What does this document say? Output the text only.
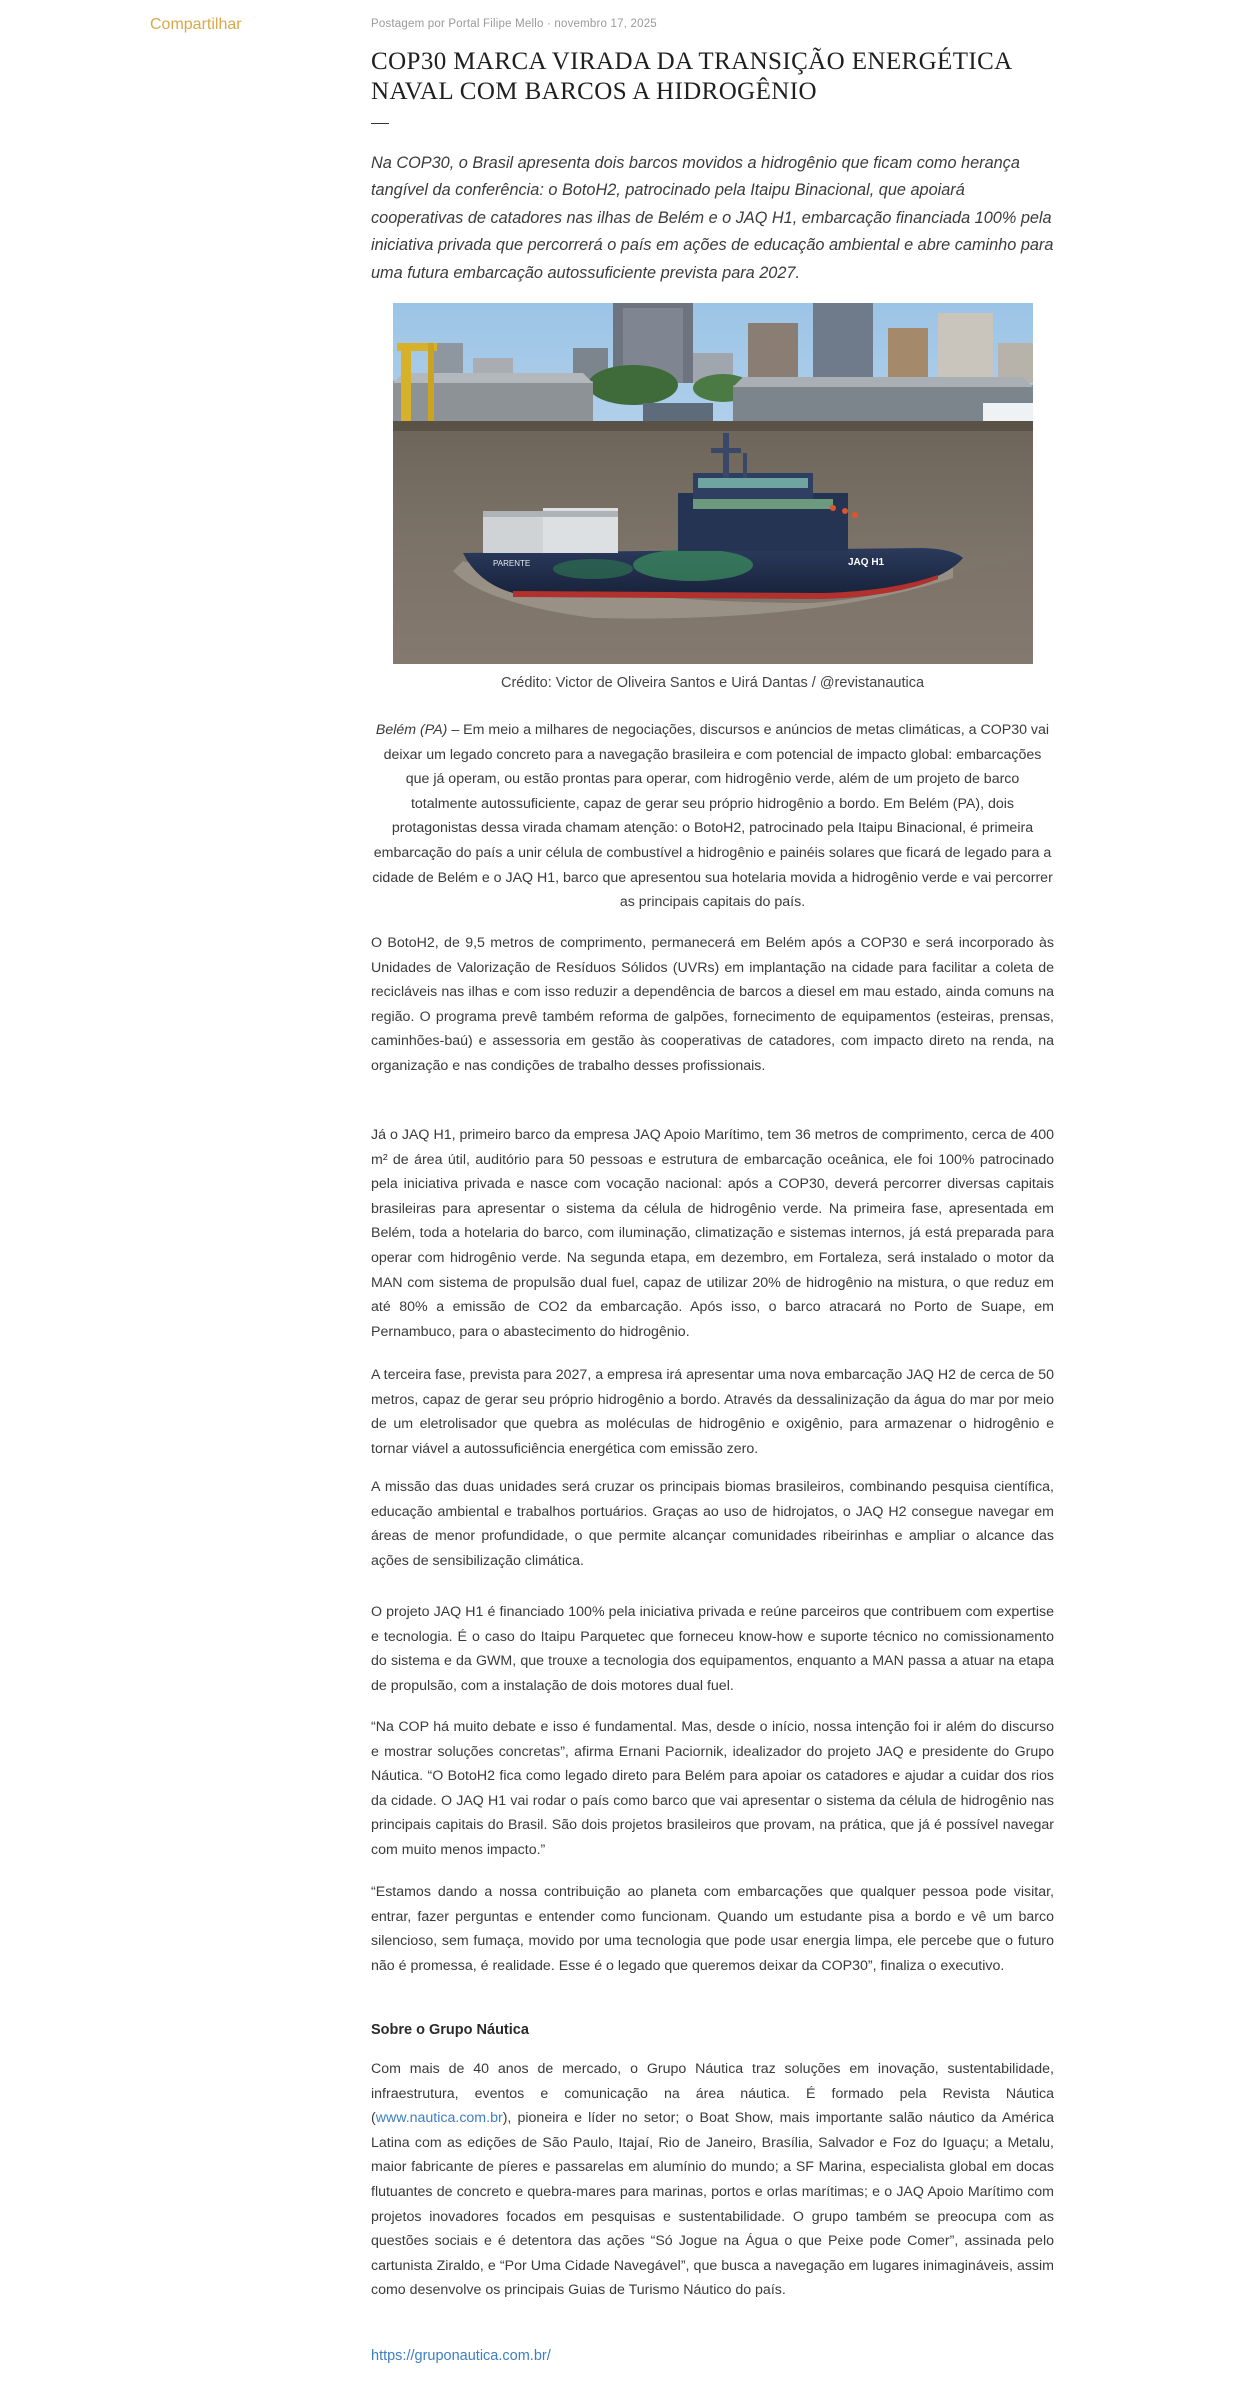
Compartilhar	Postagem por Portal Filipe Mello · novembro 17, 2025
COP30 MARCA VIRADA DA TRANSIÇÃO ENERGÉTICA NAVAL COM BARCOS A HIDROGÊNIO

Na COP30, o Brasil apresenta dois barcos movidos a hidrogênio que ficam como herança tangível da conferência: o BotoH2, patrocinado pela Itaipu Binacional, que apoiará cooperativas de catadores nas ilhas de Belém e o JAQ H1, embarcação financiada 100% pela iniciativa privada que percorrerá o país em ações de educação ambiental e abre caminho para uma futura embarcação autossuficiente prevista para 2027.

PARENTE	JAQ H1
Crédito: Victor de Oliveira Santos e Uirá Dantas / @revistanautica

Belém (PA) – Em meio a milhares de negociações, discursos e anúncios de metas climáticas, a COP30 vai deixar um legado concreto para a navegação brasileira e com potencial de impacto global: embarcações que já operam, ou estão prontas para operar, com hidrogênio verde, além de um projeto de barco totalmente autossuficiente, capaz de gerar seu próprio hidrogênio a bordo. Em Belém (PA), dois protagonistas dessa virada chamam atenção: o BotoH2, patrocinado pela Itaipu Binacional, é primeira embarcação do país a unir célula de combustível a hidrogênio e painéis solares que ficará de legado para a cidade de Belém e o JAQ H1, barco que apresentou sua hotelaria movida a hidrogênio verde e vai percorrer as principais capitais do país.

O BotoH2, de 9,5 metros de comprimento, permanecerá em Belém após a COP30 e será incorporado às Unidades de Valorização de Resíduos Sólidos (UVRs) em implantação na cidade para facilitar a coleta de recicláveis nas ilhas e com isso reduzir a dependência de barcos a diesel em mau estado, ainda comuns na região. O programa prevê também reforma de galpões, fornecimento de equipamentos (esteiras, prensas, caminhões-baú) e assessoria em gestão às cooperativas de catadores, com impacto direto na renda, na organização e nas condições de trabalho desses profissionais.

Já o JAQ H1, primeiro barco da empresa JAQ Apoio Marítimo, tem 36 metros de comprimento, cerca de 400 m² de área útil, auditório para 50 pessoas e estrutura de embarcação oceânica, ele foi 100% patrocinado pela iniciativa privada e nasce com vocação nacional: após a COP30, deverá percorrer diversas capitais brasileiras para apresentar o sistema da célula de hidrogênio verde. Na primeira fase, apresentada em Belém, toda a hotelaria do barco, com iluminação, climatização e sistemas internos, já está preparada para operar com hidrogênio verde. Na segunda etapa, em dezembro, em Fortaleza, será instalado o motor da MAN com sistema de propulsão dual fuel, capaz de utilizar 20% de hidrogênio na mistura, o que reduz em até 80% a emissão de CO2 da embarcação. Após isso, o barco atracará no Porto de Suape, em Pernambuco, para o abastecimento do hidrogênio.

A terceira fase, prevista para 2027, a empresa irá apresentar uma nova embarcação JAQ H2 de cerca de 50 metros, capaz de gerar seu próprio hidrogênio a bordo. Através da dessalinização da água do mar por meio de um eletrolisador que quebra as moléculas de hidrogênio e oxigênio, para armazenar o hidrogênio e tornar viável a autossuficiência energética com emissão zero.

A missão das duas unidades será cruzar os principais biomas brasileiros, combinando pesquisa científica, educação ambiental e trabalhos portuários. Graças ao uso de hidrojatos, o JAQ H2 consegue navegar em áreas de menor profundidade, o que permite alcançar comunidades ribeirinhas e ampliar o alcance das ações de sensibilização climática.

O projeto JAQ H1 é financiado 100% pela iniciativa privada e reúne parceiros que contribuem com expertise e tecnologia. É o caso do Itaipu Parquetec que forneceu know-how e suporte técnico no comissionamento do sistema e da GWM, que trouxe a tecnologia dos equipamentos, enquanto a MAN passa a atuar na etapa de propulsão, com a instalação de dois motores dual fuel.

“Na COP há muito debate e isso é fundamental. Mas, desde o início, nossa intenção foi ir além do discurso e mostrar soluções concretas”, afirma Ernani Paciornik, idealizador do projeto JAQ e presidente do Grupo Náutica. “O BotoH2 fica como legado direto para Belém para apoiar os catadores e ajudar a cuidar dos rios da cidade. O JAQ H1 vai rodar o país como barco que vai apresentar o sistema da célula de hidrogênio nas principais capitais do Brasil. São dois projetos brasileiros que provam, na prática, que já é possível navegar com muito menos impacto.”

“Estamos dando a nossa contribuição ao planeta com embarcações que qualquer pessoa pode visitar, entrar, fazer perguntas e entender como funcionam. Quando um estudante pisa a bordo e vê um barco silencioso, sem fumaça, movido por uma tecnologia que pode usar energia limpa, ele percebe que o futuro não é promessa, é realidade. Esse é o legado que queremos deixar da COP30”, finaliza o executivo.

Sobre o Grupo Náutica

Com mais de 40 anos de mercado, o Grupo Náutica traz soluções em inovação, sustentabilidade, infraestrutura, eventos e comunicação na área náutica. É formado pela Revista Náutica (www.nautica.com.br), pioneira e líder no setor; o Boat Show, mais importante salão náutico da América Latina com as edições de São Paulo, Itajaí, Rio de Janeiro, Brasília, Salvador e Foz do Iguaçu; a Metalu, maior fabricante de píeres e passarelas em alumínio do mundo; a SF Marina, especialista global em docas flutuantes de concreto e quebra-mares para marinas, portos e orlas marítimas; e o JAQ Apoio Marítimo com projetos inovadores focados em pesquisas e sustentabilidade. O grupo também se preocupa com as questões sociais e é detentora das ações “Só Jogue na Água o que Peixe pode Comer”, assinada pelo cartunista Ziraldo, e “Por Uma Cidade Navegável”, que busca a navegação em lugares inimagináveis, assim como desenvolve os principais Guias de Turismo Náutico do país.

https://gruponautica.com.br/
